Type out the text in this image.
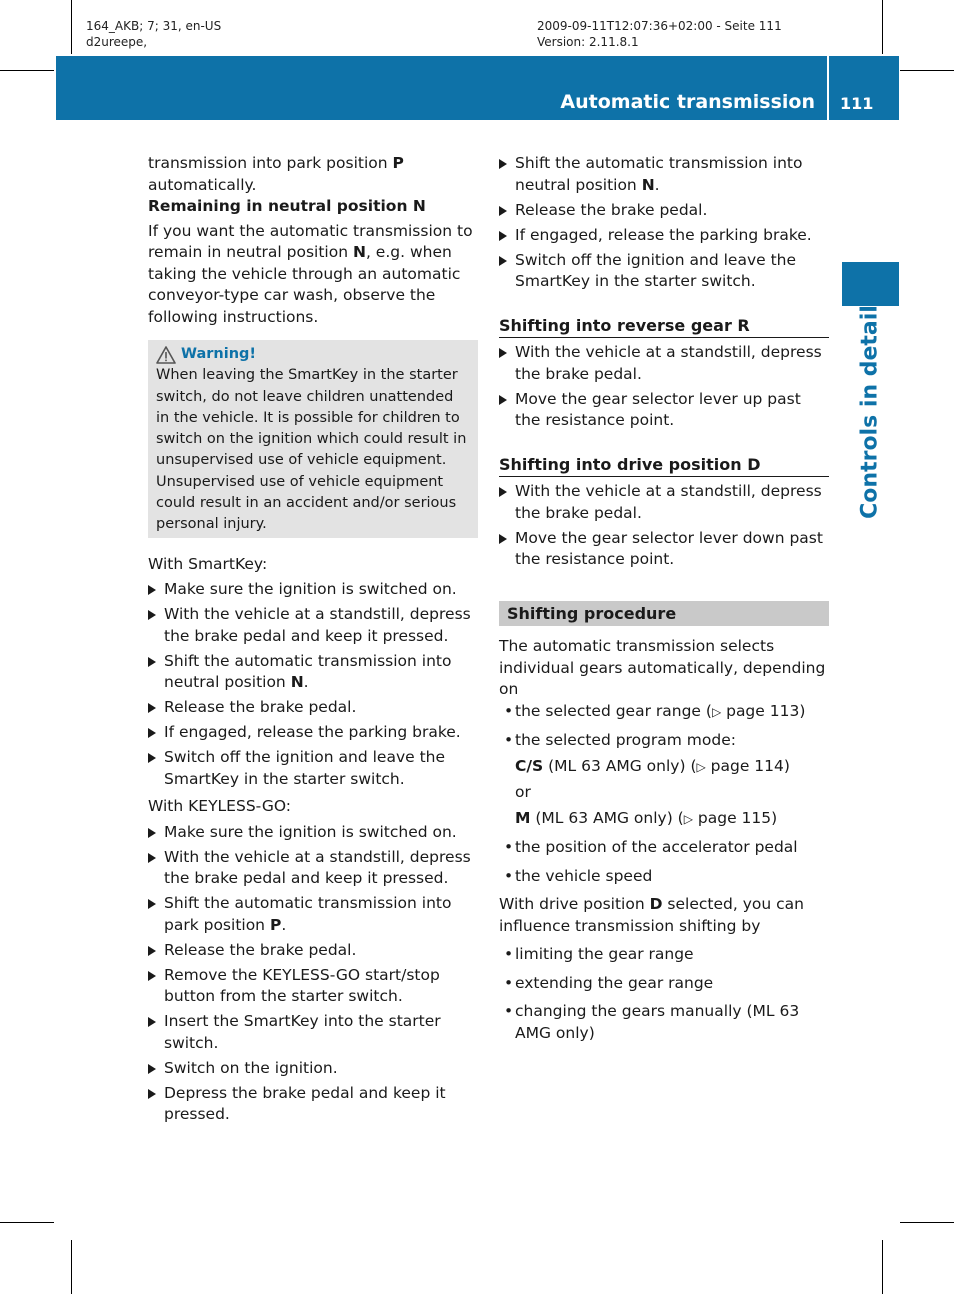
164_AKB; 7; 31, en-US
d2ureepe,
2009-09-11T12:07:36+02:00 - Seite 111
Version: 2.11.8.1
Automatic transmission 111
Controls in detail

transmission into park position P automatically.

Remaining in neutral position N

If you want the automatic transmission to remain in neutral position N, e.g. when taking the vehicle through an automatic conveyor-type car wash, observe the following instructions.

Warning!
When leaving the SmartKey in the starter switch, do not leave children unattended in the vehicle. It is possible for children to switch on the ignition which could result in unsupervised use of vehicle equipment. Unsupervised use of vehicle equipment could result in an accident and/or serious personal injury.

With SmartKey:

Make sure the ignition is switched on.
With the vehicle at a standstill, depress the brake pedal and keep it pressed.
Shift the automatic transmission into neutral position N.
Release the brake pedal.
If engaged, release the parking brake.
Switch off the ignition and leave the SmartKey in the starter switch.

With KEYLESS-GO:

Make sure the ignition is switched on.
With the vehicle at a standstill, depress the brake pedal and keep it pressed.
Shift the automatic transmission into park position P.
Release the brake pedal.
Remove the KEYLESS-GO start/stop button from the starter switch.
Insert the SmartKey into the starter switch.
Switch on the ignition.
Depress the brake pedal and keep it pressed.
Shift the automatic transmission into neutral position N.
Release the brake pedal.
If engaged, release the parking brake.
Switch off the ignition and leave the SmartKey in the starter switch.
Shifting into reverse gear R
With the vehicle at a standstill, depress the brake pedal.
Move the gear selector lever up past the resistance point.
Shifting into drive position D
With the vehicle at a standstill, depress the brake pedal.
Move the gear selector lever down past the resistance point.
Shifting procedure

The automatic transmission selects individual gears automatically, depending on

• the selected gear range (▷ page 113)
• the selected program mode:
C/S (ML 63 AMG only) (▷ page 114)
or
M (ML 63 AMG only) (▷ page 115)
• the position of the accelerator pedal
• the vehicle speed

With drive position D selected, you can influence transmission shifting by

• limiting the gear range
• extending the gear range
• changing the gears manually (ML 63 AMG only)
